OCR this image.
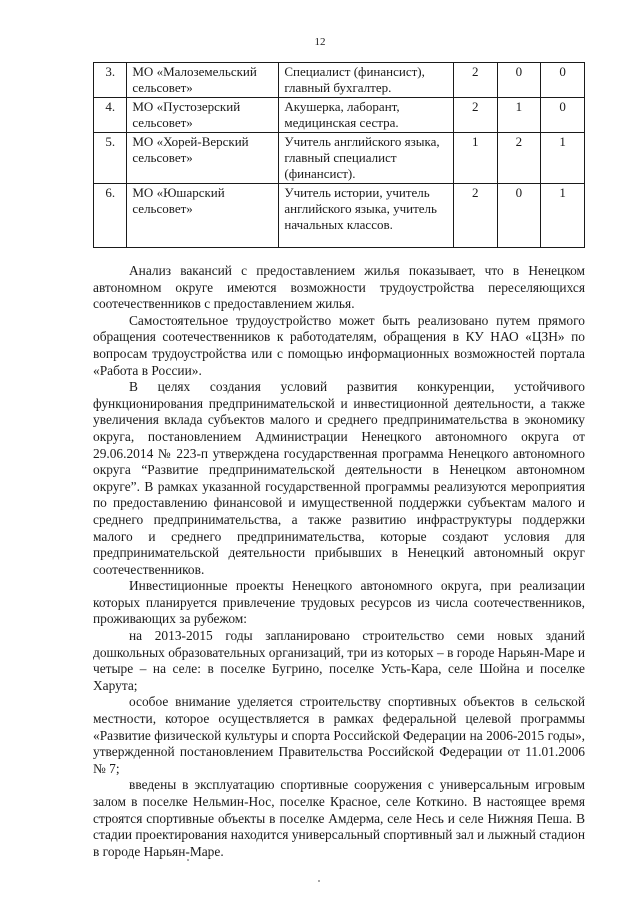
12
3.	МО «Малоземельский сельсовет»	Специалист (финансист), главный бухгалтер.	2	0	0
4.	МО «Пустозерский сельсовет»	Акушерка, лаборант, медицинская сестра.	2	1	0
5.	МО «Хорей-Верский сельсовет»	Учитель английского языка, главный специалист (финансист).	1	2	1
6.	МО «Юшарский сельсовет»	Учитель истории, учитель английского языка, учитель начальных классов.	2	0	1

Анализ вакансий с предоставлением жилья показывает, что в Ненецком автономном округе имеются возможности трудоустройства переселяющихся соотечественников с предоставлением жилья.

Самостоятельное трудоустройство может быть реализовано путем прямого обращения соотечественников к работодателям, обращения в КУ НАО «ЦЗН» по вопросам трудоустройства или с помощью информационных возможностей портала «Работа в России».

В целях создания условий развития конкуренции, устойчивого функционирования предпринимательской и инвестиционной деятельности, а также увеличения вклада субъектов малого и среднего предпринимательства в экономику округа, постановлением Администрации Ненецкого автономного округа от 29.06.2014 № 223-п утверждена государственная программа Ненецкого автономного округа “Развитие предпринимательской деятельности в Ненецком автономном округе”. В рамках указанной государственной программы реализуются мероприятия по предоставлению финансовой и имущественной поддержки субъектам малого и среднего предпринимательства, а также развитию инфраструктуры поддержки малого и среднего предпринимательства, которые создают условия для предпринимательской деятельности прибывших в Ненецкий автономный округ соотечественников.

Инвестиционные проекты Ненецкого автономного округа, при реализации которых планируется привлечение трудовых ресурсов из числа соотечественников, проживающих за рубежом:

на 2013-2015 годы запланировано строительство семи новых зданий дошкольных образовательных организаций, три из которых – в городе Нарьян-Маре и четыре – на селе: в поселке Бугрино, поселке Усть-Кара, селе Шойна и поселке Харута;

особое внимание уделяется строительству спортивных объектов в сельской местности, которое осуществляется в рамках федеральной целевой программы «Развитие физической культуры и спорта Российской Федерации на 2006-2015 годы», утвержденной постановлением Правительства Российской Федерации от 11.01.2006 № 7;

введены в эксплуатацию спортивные сооружения с универсальным игровым залом в поселке Нельмин-Нос, поселке Красное, селе Коткино. В настоящее время строятся спортивные объекты в поселке Амдерма, селе Несь и селе Нижняя Пеша. В стадии проектирования находится универсальный спортивный зал и лыжный стадион в городе Нарьян-Маре.
